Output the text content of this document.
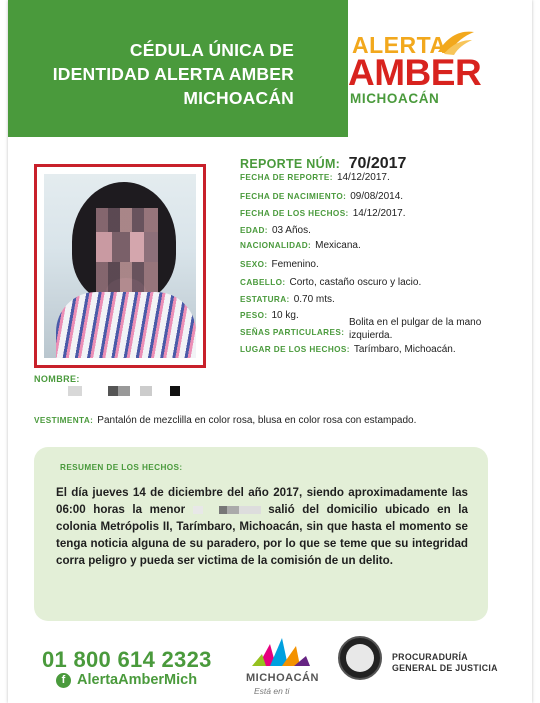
CÉDULA ÚNICA DE
IDENTIDAD ALERTA AMBER
MICHOACÁN
ALERTA
AMBER
MICHOACÁN
REPORTE NÚM: 70/2017
FECHA DE REPORTE: 14/12/2017.
FECHA DE NACIMIENTO: 09/08/2014.
FECHA DE LOS HECHOS: 14/12/2017.
EDAD: 03 Años.
NACIONALIDAD: Mexicana.
SEXO: Femenino.
CABELLO: Corto, castaño oscuro y lacio.
ESTATURA: 0.70 mts.
PESO: 10 kg.
SEÑAS PARTICULARES:
Bolita en el pulgar de la mano izquierda.
LUGAR DE LOS HECHOS: Tarímbaro, Michoacán.
NOMBRE:
VESTIMENTA: Pantalón de mezclilla en color rosa, blusa en color rosa con estampado.
RESUMEN DE LOS HECHOS:
El día jueves 14 de diciembre del año 2017, siendo aproximadamente las 06:00 horas la menor	salió del domicilio ubicado en la colonia Metrópolis II, Tarímbaro, Michoacán, sin que hasta el momento se tenga noticia alguna de su paradero, por lo que se teme que su integridad corra peligro y pueda ser victima de la comisión de un delito.
01 800 614 2323
f AlertaAmberMich	MICHOACÁN
Está en ti
PROCURADURÍA
GENERAL DE JUSTICIA
